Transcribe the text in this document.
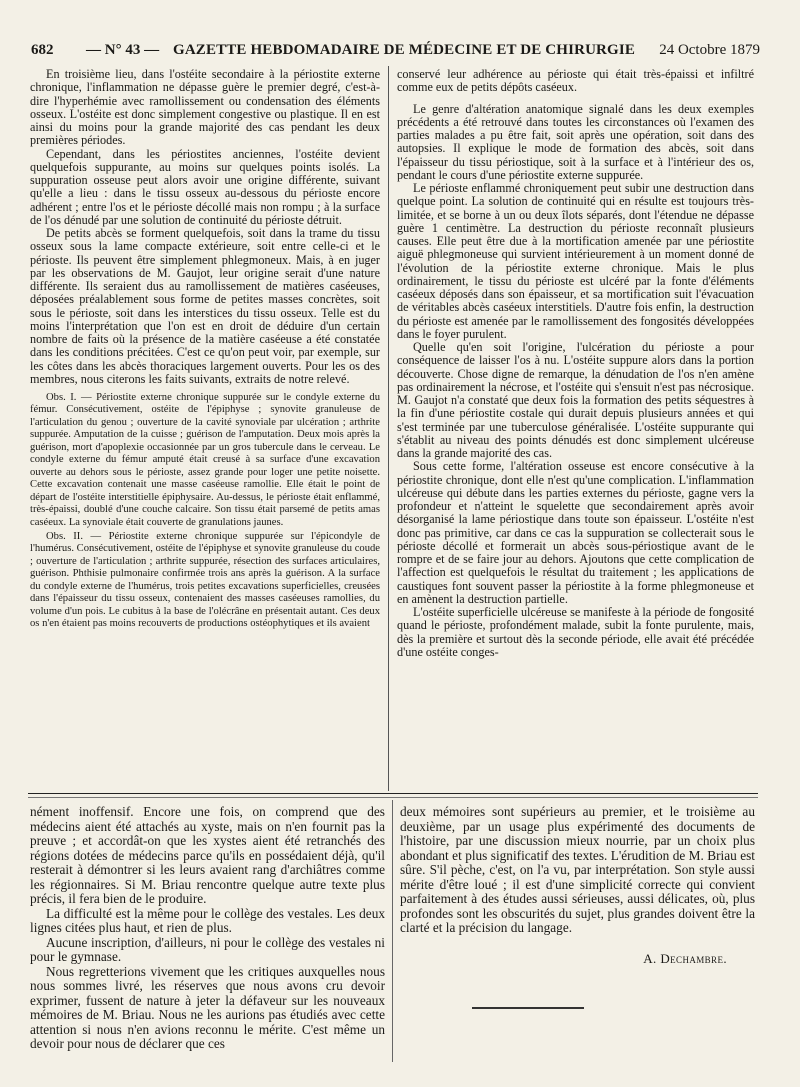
682 — N° 43 — GAZETTE HEBDOMADAIRE DE MÉDECINE ET DE CHIRURGIE 24 Octobre 1879

En troisième lieu, dans l'ostéite secondaire à la périostite externe chronique, l'inflammation ne dépasse guère le premier degré, c'est-à-dire l'hyperhémie avec ramollissement ou condensation des éléments osseux. L'ostéite est donc simplement congestive ou plastique. Il en est ainsi du moins pour la grande majorité des cas pendant les deux premières périodes.

Cependant, dans les périostites anciennes, l'ostéite devient quelquefois suppurante, au moins sur quelques points isolés. La suppuration osseuse peut alors avoir une origine différente, suivant qu'elle a lieu : dans le tissu osseux au-dessous du périoste encore adhérent ; entre l'os et le périoste décollé mais non rompu ; à la surface de l'os dénudé par une solution de continuité du périoste détruit.

De petits abcès se forment quelquefois, soit dans la trame du tissu osseux sous la lame compacte extérieure, soit entre celle-ci et le périoste. Ils peuvent être simplement phlegmoneux. Mais, à en juger par les observations de M. Gaujot, leur origine serait d'une nature différente. Ils seraient dus au ramollissement de matières caséeuses, déposées préalablement sous forme de petites masses concrètes, soit sous le périoste, soit dans les interstices du tissu osseux. Telle est du moins l'interprétation que l'on est en droit de déduire d'un certain nombre de faits où la présence de la matière caséeuse a été constatée dans les conditions précitées. C'est ce qu'on peut voir, par exemple, sur les côtes dans les abcès thoraciques largement ouverts. Pour les os des membres, nous citerons les faits suivants, extraits de notre relevé.

Obs. I. — Périostite externe chronique suppurée sur le condyle externe du fémur. Consécutivement, ostéite de l'épiphyse ; synovite granuleuse de l'articulation du genou ; ouverture de la cavité synoviale par ulcération ; arthrite suppurée. Amputation de la cuisse ; guérison de l'amputation. Deux mois après la guérison, mort d'apoplexie occasionnée par un gros tubercule dans le cerveau. Le condyle externe du fémur amputé était creusé à sa surface d'une excavation ouverte au dehors sous le périoste, assez grande pour loger une petite noisette. Cette excavation contenait une masse caséeuse ramollie. Elle était le point de départ de l'ostéite interstitielle épiphysaire. Au-dessus, le périoste était enflammé, très-épaissi, doublé d'une couche calcaire. Son tissu était parsemé de petits amas caséeux. La synoviale était couverte de granulations jaunes.

Obs. II. — Périostite externe chronique suppurée sur l'épicondyle de l'humérus. Consécutivement, ostéite de l'épiphyse et synovite granuleuse du coude ; ouverture de l'articulation ; arthrite suppurée, résection des surfaces articulaires, guérison. Phthisie pulmonaire confirmée trois ans après la guérison. A la surface du condyle externe de l'humérus, trois petites excavations superficielles, creusées dans l'épaisseur du tissu osseux, contenaient des masses caséeuses ramollies, du volume d'un pois. Le cubitus à la base de l'olécrâne en présentait autant. Ces deux os n'en étaient pas moins recouverts de productions ostéophytiques et ils avaient

conservé leur adhérence au périoste qui était très-épaissi et infiltré comme eux de petits dépôts caséeux.

Le genre d'altération anatomique signalé dans les deux exemples précédents a été retrouvé dans toutes les circonstances où l'examen des parties malades a pu être fait, soit après une opération, soit dans des autopsies. Il explique le mode de formation des abcès, soit dans l'épaisseur du tissu périostique, soit à la surface et à l'intérieur des os, pendant le cours d'une périostite externe suppurée.

Le périoste enflammé chroniquement peut subir une destruction dans quelque point. La solution de continuité qui en résulte est toujours très-limitée, et se borne à un ou deux îlots séparés, dont l'étendue ne dépasse guère 1 centimètre. La destruction du périoste reconnaît plusieurs causes. Elle peut être due à la mortification amenée par une périostite aiguë phlegmoneuse qui survient intérieurement à un moment donné de l'évolution de la périostite externe chronique. Mais le plus ordinairement, le tissu du périoste est ulcéré par la fonte d'éléments caséeux déposés dans son épaisseur, et sa mortification suit l'évacuation de véritables abcès caséeux interstitiels. D'autre fois enfin, la destruction du périoste est amenée par le ramollissement des fongosités développées dans le foyer purulent.

Quelle qu'en soit l'origine, l'ulcération du périoste a pour conséquence de laisser l'os à nu. L'ostéite suppure alors dans la portion découverte. Chose digne de remarque, la dénudation de l'os n'en amène pas ordinairement la nécrose, et l'ostéite qui s'ensuit n'est pas nécrosique. M. Gaujot n'a constaté que deux fois la formation des petits séquestres à la fin d'une périostite costale qui durait depuis plusieurs années et qui s'est terminée par une tuberculose généralisée. L'ostéite suppurante qui s'établit au niveau des points dénudés est donc simplement ulcéreuse dans la grande majorité des cas.

Sous cette forme, l'altération osseuse est encore consécutive à la périostite chronique, dont elle n'est qu'une complication. L'inflammation ulcéreuse qui débute dans les parties externes du périoste, gagne vers la profondeur et n'atteint le squelette que secondairement après avoir désorganisé la lame périostique dans toute son épaisseur. L'ostéite n'est donc pas primitive, car dans ce cas la suppuration se collecterait sous le périoste décollé et formerait un abcès sous-périostique avant de le rompre et de se faire jour au dehors. Ajoutons que cette complication de l'affection est quelquefois le résultat du traitement ; les applications de caustiques font souvent passer la périostite à la forme phlegmoneuse et en amènent la destruction partielle.

L'ostéite superficielle ulcéreuse se manifeste à la période de fongosité quand le périoste, profondément malade, subit la fonte purulente, mais, dès la première et surtout dès la seconde période, elle avait été précédée d'une ostéite conges-

nément inoffensif. Encore une fois, on comprend que des médecins aient été attachés au xyste, mais on n'en fournit pas la preuve ; et accordât-on que les xystes aient été retranchés des régions dotées de médecins parce qu'ils en possédaient déjà, qu'il resterait à démontrer si les leurs avaient rang d'archiâtres comme les régionnaires. Si M. Briau rencontre quelque autre texte plus précis, il fera bien de le produire.

La difficulté est la même pour le collège des vestales. Les deux lignes citées plus haut, et rien de plus.

Aucune inscription, d'ailleurs, ni pour le collège des vestales ni pour le gymnase.

Nous regretterions vivement que les critiques auxquelles nous nous sommes livré, les réserves que nous avons cru devoir exprimer, fussent de nature à jeter la défaveur sur les nouveaux mémoires de M. Briau. Nous ne les aurions pas étudiés avec cette attention si nous n'en avions reconnu le mérite. C'est même un devoir pour nous de déclarer que ces

deux mémoires sont supérieurs au premier, et le troisième au deuxième, par un usage plus expérimenté des documents de l'histoire, par une discussion mieux nourrie, par un choix plus abondant et plus significatif des textes. L'érudition de M. Briau est sûre. S'il pèche, c'est, on l'a vu, par interprétation. Son style aussi mérite d'être loué ; il est d'une simplicité correcte qui convient parfaitement à des études aussi sérieuses, aussi délicates, où, plus profondes sont les obscurités du sujet, plus grandes doivent être la clarté et la précision du langage.

A. Dechambre.
